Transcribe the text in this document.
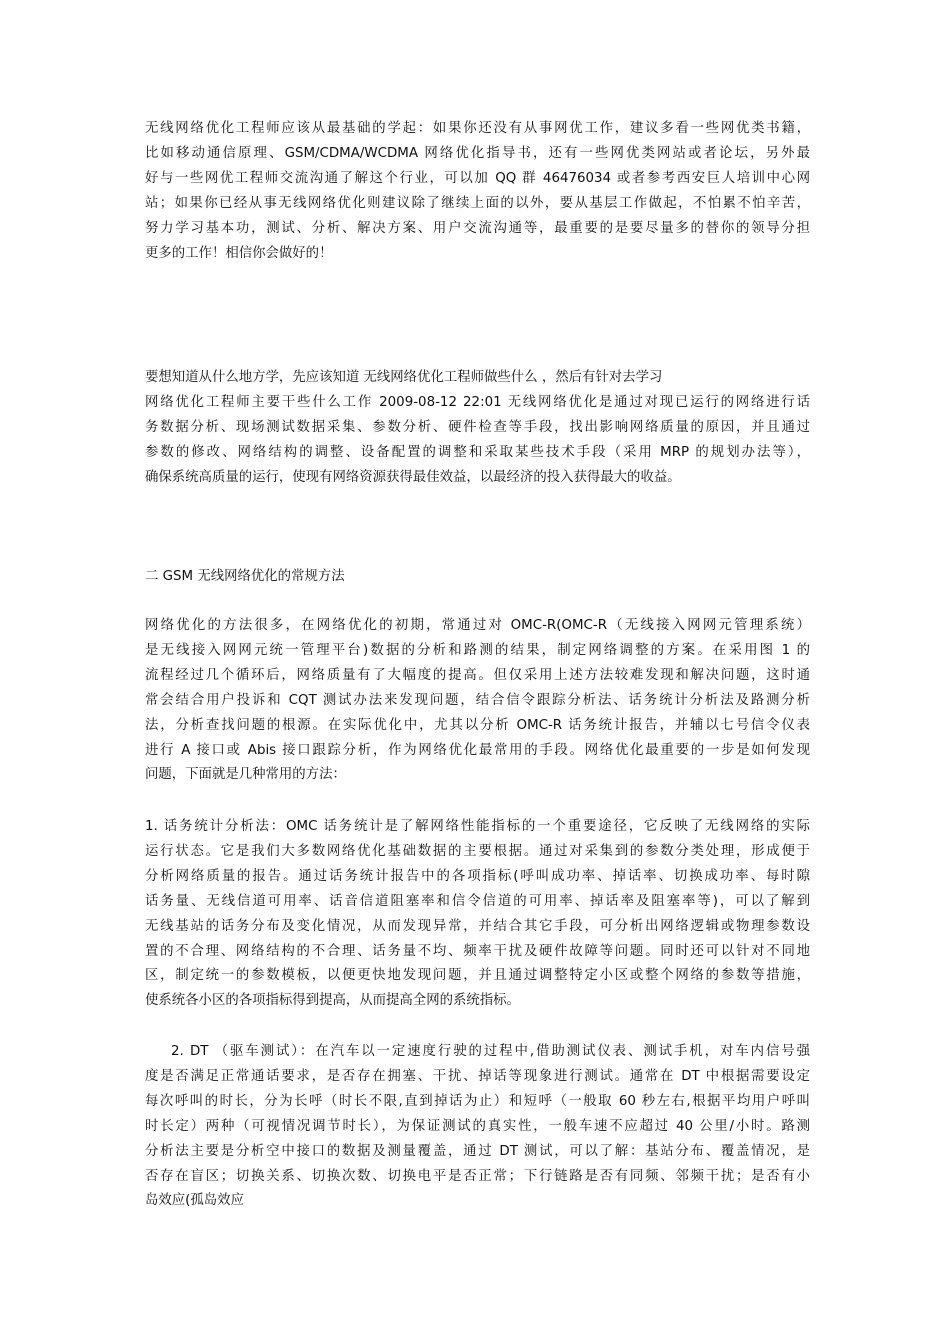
无线网络优化工程师应该从最基础的学起：如果你还没有从事网优工作，建议多看一些网优类书籍，
比如移动通信原理、GSM/CDMA/WCDMA 网络优化指导书，还有一些网优类网站或者论坛，另外最
好与一些网优工程师交流沟通了解这个行业，可以加 QQ 群 46476034 或者参考西安巨人培训中心网
站；如果你已经从事无线网络优化则建议除了继续上面的以外，要从基层工作做起，不怕累不怕辛苦，
努力学习基本功，测试、分析、解决方案、用户交流沟通等，最重要的是要尽量多的替你的领导分担
更多的工作！相信你会做好的！
要想知道从什么地方学，先应该知道 无线网络优化工程师做些什么 ，然后有针对去学习
网络优化工程师主要干些什么工作 2009-08-12 22:01 无线网络优化是通过对现已运行的网络进行话
务数据分析、现场测试数据采集、参数分析、硬件检查等手段，找出影响网络质量的原因，并且通过
参数的修改、网络结构的调整、设备配置的调整和采取某些技术手段（采用 MRP 的规划办法等），
确保系统高质量的运行，使现有网络资源获得最佳效益，以最经济的投入获得最大的收益。
二 GSM 无线网络优化的常规方法
网络优化的方法很多，在网络优化的初期，常通过对 OMC-R(OMC-R（无线接入网网元管理系统）
是无线接入网网元统一管理平台)数据的分析和路测的结果，制定网络调整的方案。在采用图 1 的
流程经过几个循环后，网络质量有了大幅度的提高。但仅采用上述方法较难发现和解决问题，这时通
常会结合用户投诉和 CQT 测试办法来发现问题，结合信令跟踪分析法、话务统计分析法及路测分析
法，分析查找问题的根源。在实际优化中，尤其以分析 OMC-R 话务统计报告，并辅以七号信令仪表
进行 A 接口或 Abis 接口跟踪分析，作为网络优化最常用的手段。网络优化最重要的一步是如何发现
问题，下面就是几种常用的方法：
1. 话务统计分析法：OMC 话务统计是了解网络性能指标的一个重要途径，它反映了无线网络的实际
运行状态。它是我们大多数网络优化基础数据的主要根据。通过对采集到的参数分类处理，形成便于
分析网络质量的报告。通过话务统计报告中的各项指标(呼叫成功率、掉话率、切换成功率、每时隙
话务量、无线信道可用率、话音信道阻塞率和信令信道的可用率、掉话率及阻塞率等)，可以了解到
无线基站的话务分布及变化情况，从而发现异常，并结合其它手段，可分析出网络逻辑或物理参数设
置的不合理、网络结构的不合理、话务量不均、频率干扰及硬件故障等问题。同时还可以针对不同地
区，制定统一的参数模板，以便更快地发现问题，并且通过调整特定小区或整个网络的参数等措施，
使系统各小区的各项指标得到提高，从而提高全网的系统指标。
2. DT （驱车测试）：在汽车以一定速度行驶的过程中,借助测试仪表、测试手机，对车内信号强
度是否满足正常通话要求，是否存在拥塞、干扰、掉话等现象进行测试。通常在 DT 中根据需要设定
每次呼叫的时长，分为长呼（时长不限,直到掉话为止）和短呼（一般取 60 秒左右,根据平均用户呼叫
时长定）两种（可视情况调节时长），为保证测试的真实性，一般车速不应超过 40 公里/小时。路测
分析法主要是分析空中接口的数据及测量覆盖，通过 DT 测试，可以了解：基站分布、覆盖情况，是
否存在盲区；切换关系、切换次数、切换电平是否正常；下行链路是否有同频、邻频干扰；是否有小
岛效应(孤岛效应
